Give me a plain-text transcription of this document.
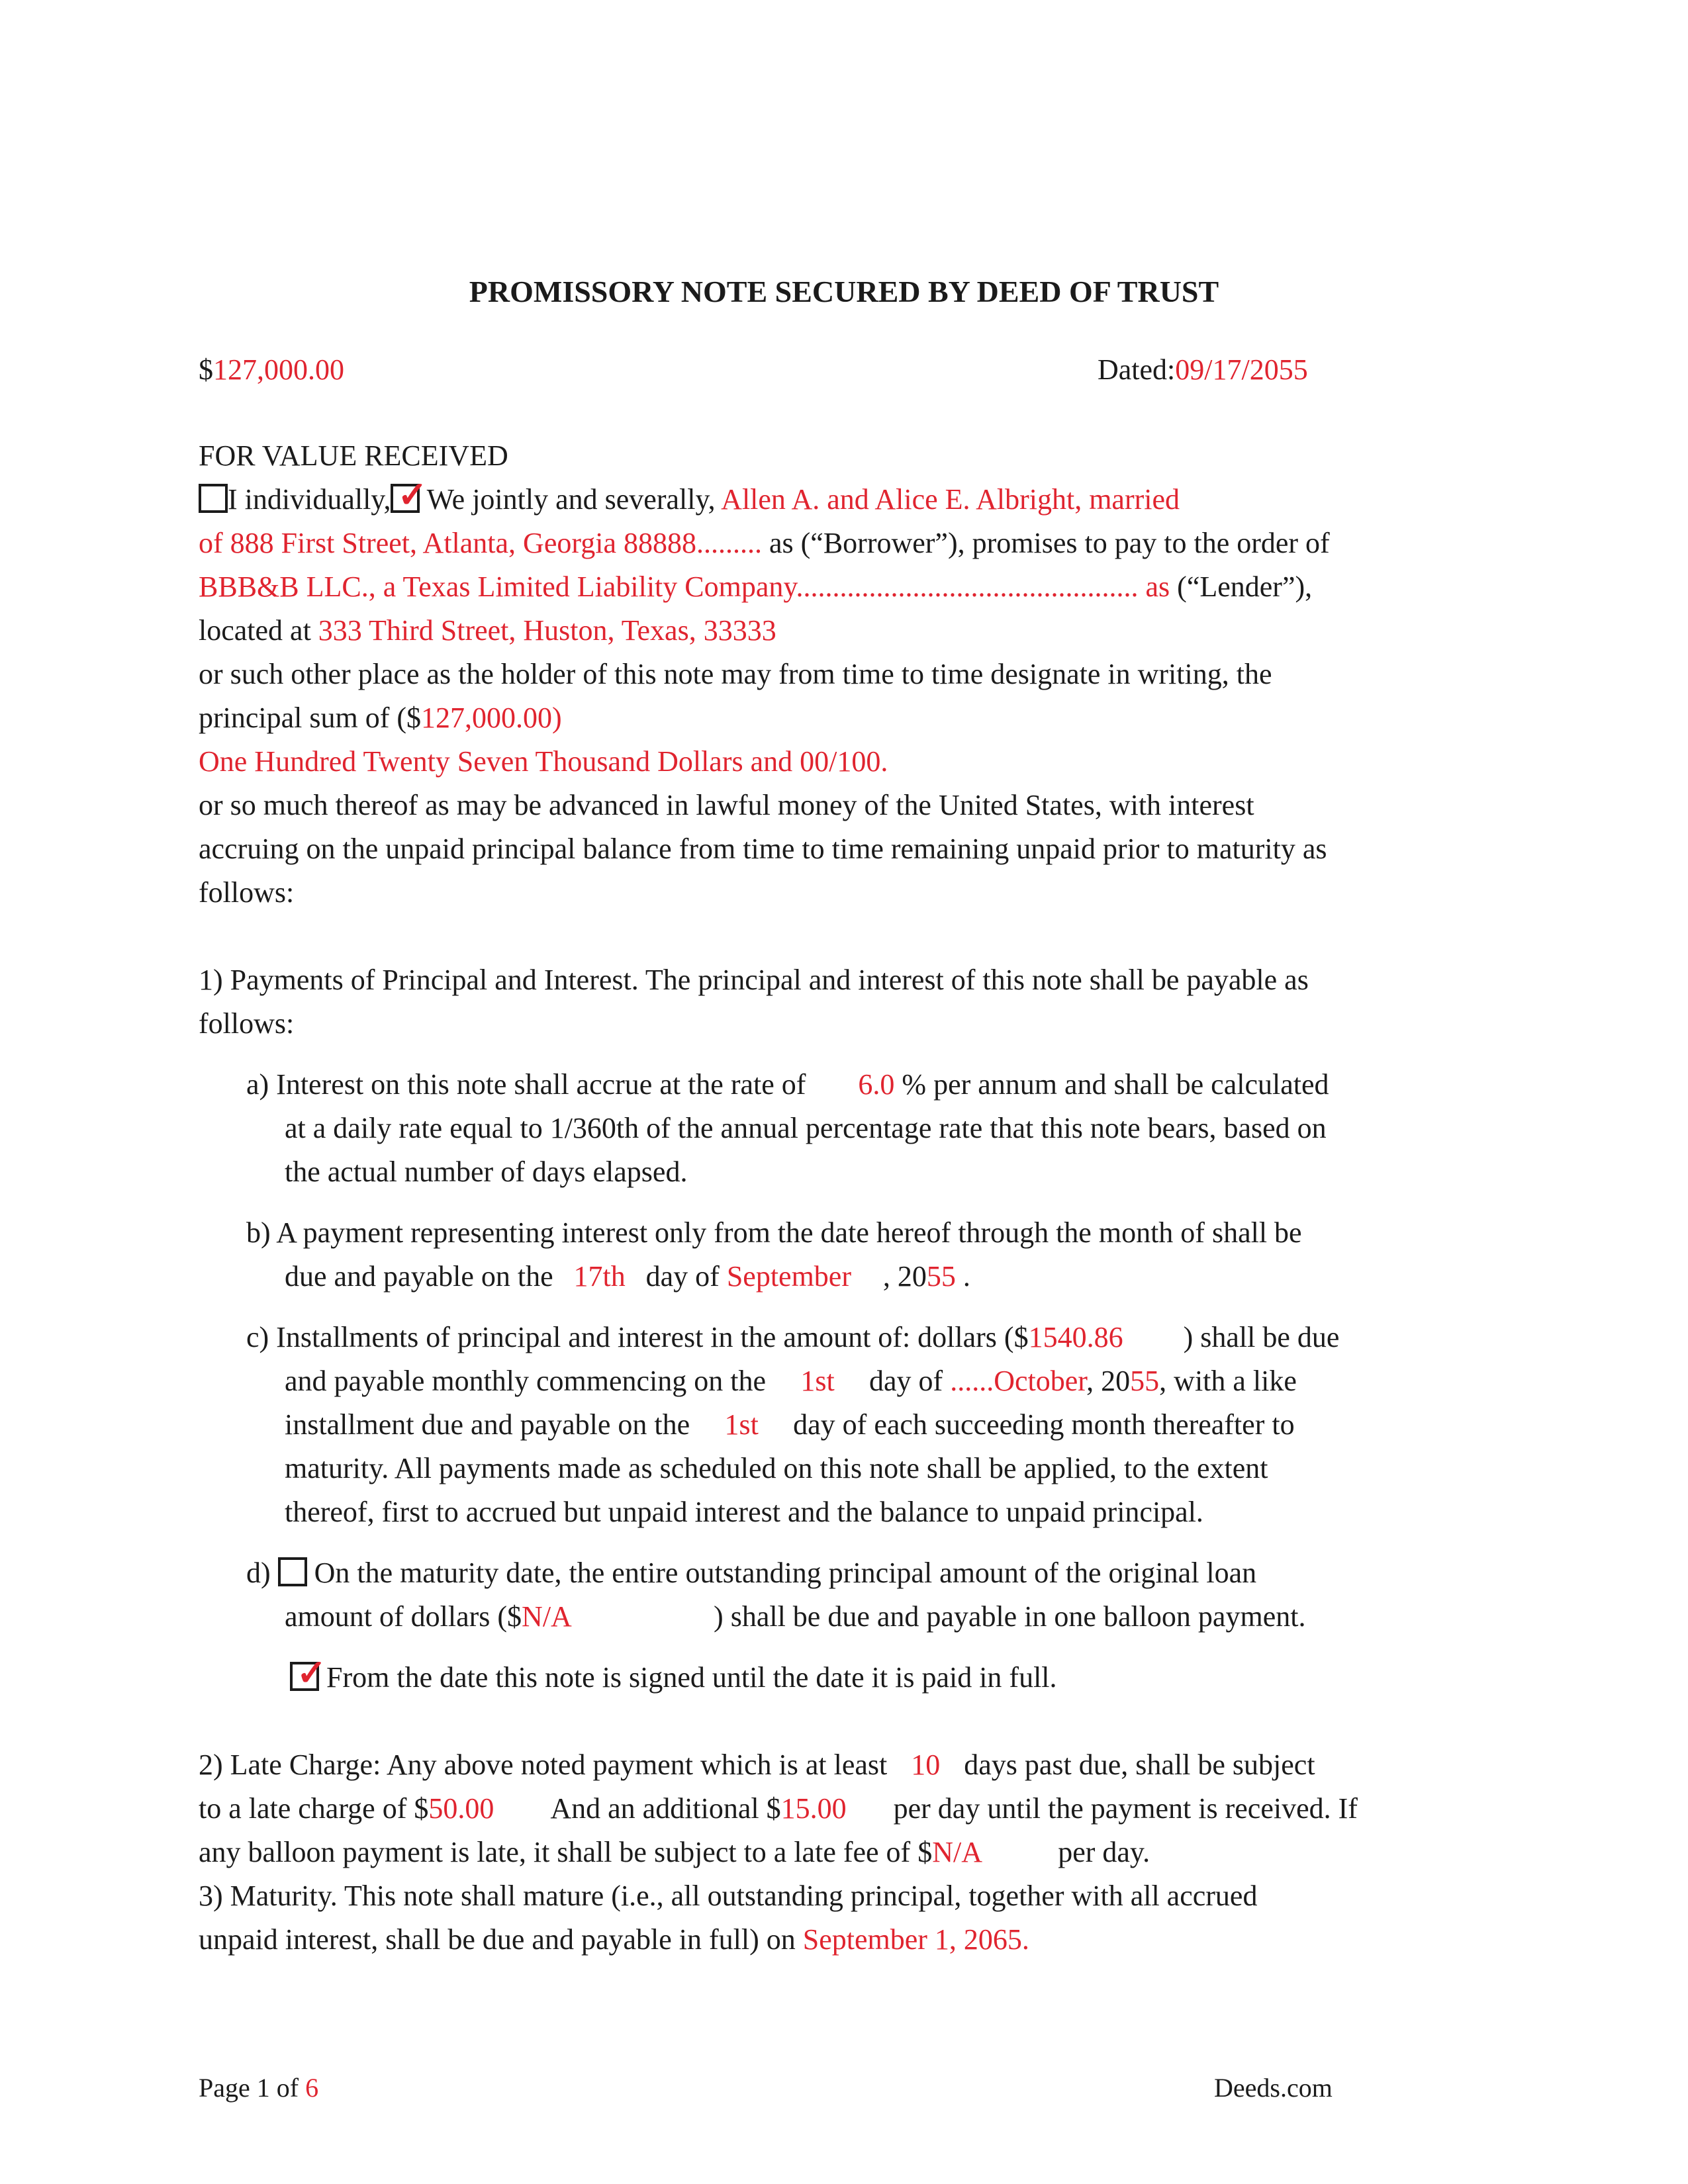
PROMISSORY NOTE SECURED BY DEED OF TRUST
$127,000.00	Dated:09/17/2055
FOR VALUE RECEIVED
I individually, ✓
We jointly and severally, Allen A. and Alice E. Albright, married
of 888 First Street, Atlanta, Georgia 88888......... as (“Borrower”), promises to pay to the order of
BBB&B LLC., a Texas Limited Liability Company............................................... as (“Lender”),
located at 333 Third Street, Huston, Texas, 33333
or such other place as the holder of this note may from time to time designate in writing, the
principal sum of ($127,000.00)
One Hundred Twenty Seven Thousand Dollars and 00/100.
or so much thereof as may be advanced in lawful money of the United States, with interest
accruing on the unpaid principal balance from time to time remaining unpaid prior to maturity as
follows:
1) Payments of Principal and Interest. The principal and interest of this note shall be payable as
follows:
a) Interest on this note shall accrue at the rate of 6.0 % per annum and shall be calculated
at a daily rate equal to 1/360th of the annual percentage rate that this note bears, based on
the actual number of days elapsed.
b) A payment representing interest only from the date hereof through the month of shall be
due and payable on the 17th day of September , 2055 .
c) Installments of principal and interest in the amount of: dollars ($1540.86 ) shall be due
and payable monthly commencing on the 1st day of ......October, 2055, with a like
installment due and payable on the 1st day of each succeeding month thereafter to
maturity. All payments made as scheduled on this note shall be applied, to the extent
thereof, first to accrued but unpaid interest and the balance to unpaid principal.
d) On the maturity date, the entire outstanding principal amount of the original loan
amount of dollars ($N/A	) shall be due and payable in one balloon payment.
✓ From the date this note is signed until the date it is paid in full.
2) Late Charge: Any above noted payment which is at least 10 days past due, shall be subject
to a late charge of $50.00 And an additional $15.00 per day until the payment is received. If
any balloon payment is late, it shall be subject to a late fee of $N/A	per day.
3) Maturity. This note shall mature (i.e., all outstanding principal, together with all accrued
unpaid interest, shall be due and payable in full) on September 1, 2065.
Page 1 of 6	Deeds.com
